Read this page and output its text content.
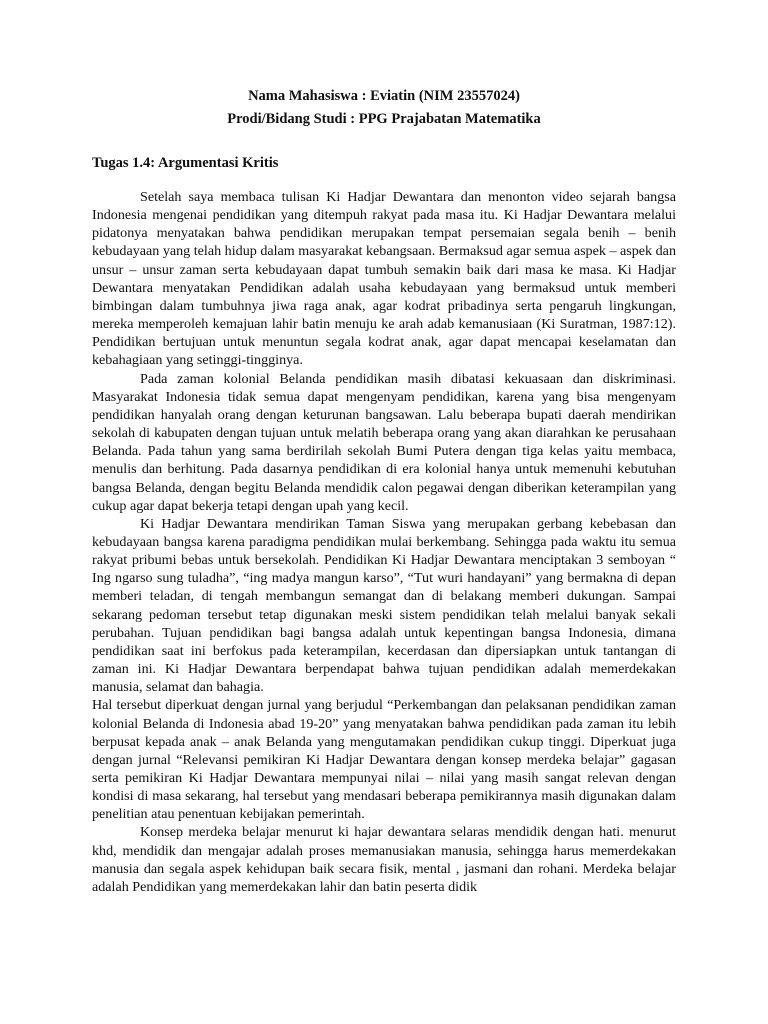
Nama Mahasiswa : Eviatin (NIM 23557024)
Prodi/Bidang Studi : PPG Prajabatan Matematika
Tugas 1.4: Argumentasi Kritis

Setelah saya membaca tulisan Ki Hadjar Dewantara dan menonton video sejarah bangsa Indonesia mengenai pendidikan yang ditempuh rakyat pada masa itu. Ki Hadjar Dewantara melalui pidatonya menyatakan bahwa pendidikan merupakan tempat persemaian segala benih – benih kebudayaan yang telah hidup dalam masyarakat kebangsaan. Bermaksud agar semua aspek – aspek dan unsur – unsur zaman serta kebudayaan dapat tumbuh semakin baik dari masa ke masa. Ki Hadjar Dewantara menyatakan Pendidikan adalah usaha kebudayaan yang bermaksud untuk memberi bimbingan dalam tumbuhnya jiwa raga anak, agar kodrat pribadinya serta pengaruh lingkungan, mereka memperoleh kemajuan lahir batin menuju ke arah adab kemanusiaan (Ki Suratman, 1987:12). Pendidikan bertujuan untuk menuntun segala kodrat anak, agar dapat mencapai keselamatan dan kebahagiaan yang setinggi-tingginya.

Pada zaman kolonial Belanda pendidikan masih dibatasi kekuasaan dan diskriminasi. Masyarakat Indonesia tidak semua dapat mengenyam pendidikan, karena yang bisa mengenyam pendidikan hanyalah orang dengan keturunan bangsawan. Lalu beberapa bupati daerah mendirikan sekolah di kabupaten dengan tujuan untuk melatih beberapa orang yang akan diarahkan ke perusahaan Belanda. Pada tahun yang sama berdirilah sekolah Bumi Putera dengan tiga kelas yaitu membaca, menulis dan berhitung. Pada dasarnya pendidikan di era kolonial hanya untuk memenuhi kebutuhan bangsa Belanda, dengan begitu Belanda mendidik calon pegawai dengan diberikan keterampilan yang cukup agar dapat bekerja tetapi dengan upah yang kecil.

Ki Hadjar Dewantara mendirikan Taman Siswa yang merupakan gerbang kebebasan dan kebudayaan bangsa karena paradigma pendidikan mulai berkembang. Sehingga pada waktu itu semua rakyat pribumi bebas untuk bersekolah. Pendidikan Ki Hadjar Dewantara menciptakan 3 semboyan “ Ing ngarso sung tuladha”, “ing madya mangun karso”, “Tut wuri handayani” yang bermakna di depan memberi teladan, di tengah membangun semangat dan di belakang memberi dukungan. Sampai sekarang pedoman tersebut tetap digunakan meski sistem pendidikan telah melalui banyak sekali perubahan. Tujuan pendidikan bagi bangsa adalah untuk kepentingan bangsa Indonesia, dimana pendidikan saat ini berfokus pada keterampilan, kecerdasan dan dipersiapkan untuk tantangan di zaman ini. Ki Hadjar Dewantara berpendapat bahwa tujuan pendidikan adalah memerdekakan manusia, selamat dan bahagia.

Hal tersebut diperkuat dengan jurnal yang berjudul “Perkembangan dan pelaksanan pendidikan zaman kolonial Belanda di Indonesia abad 19-20” yang menyatakan bahwa pendidikan pada zaman itu lebih berpusat kepada anak – anak Belanda yang mengutamakan pendidikan cukup tinggi. Diperkuat juga dengan jurnal “Relevansi pemikiran Ki Hadjar Dewantara dengan konsep merdeka belajar” gagasan serta pemikiran Ki Hadjar Dewantara mempunyai nilai – nilai yang masih sangat relevan dengan kondisi di masa sekarang, hal tersebut yang mendasari beberapa pemikirannya masih digunakan dalam penelitian atau penentuan kebijakan pemerintah.

Konsep merdeka belajar menurut ki hajar dewantara selaras mendidik dengan hati. menurut khd, mendidik dan mengajar adalah proses memanusiakan manusia, sehingga harus memerdekakan manusia dan segala aspek kehidupan baik secara fisik, mental , jasmani dan rohani. Merdeka belajar adalah Pendidikan yang memerdekakan lahir dan batin peserta didik
